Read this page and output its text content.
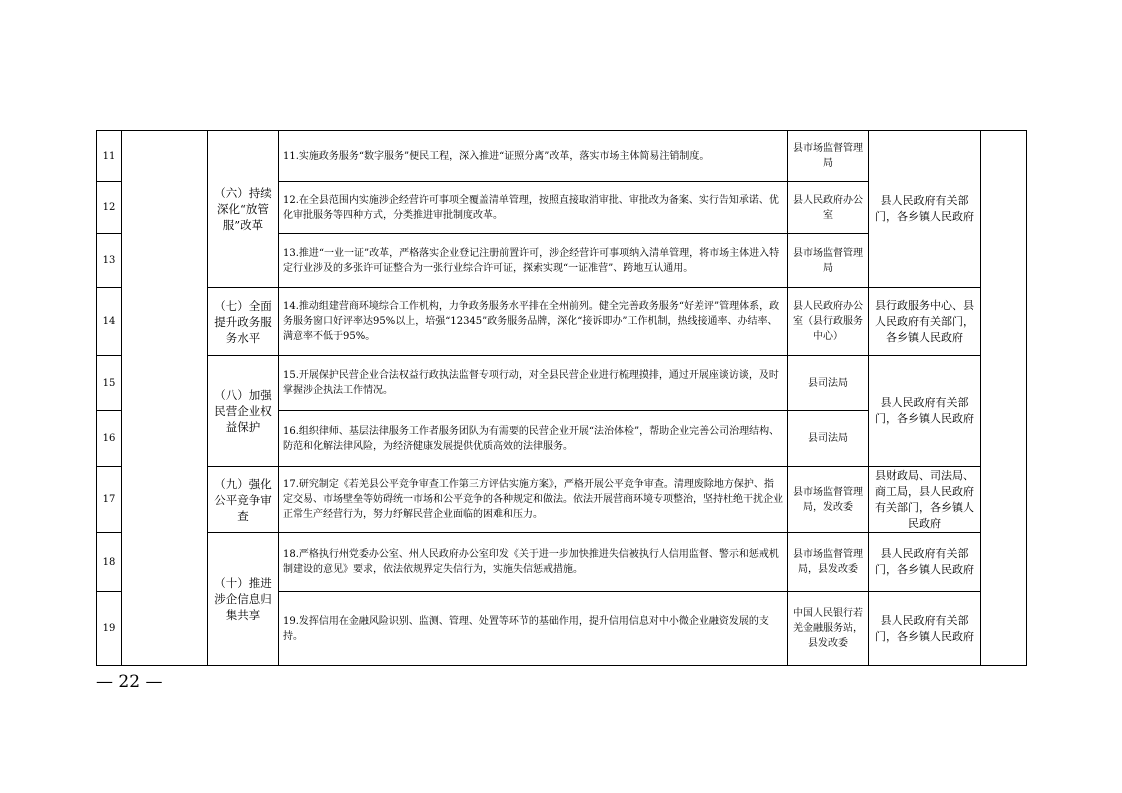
11		（六）持续深化“放管服”改革	11.实施政务服务“数字服务”便民工程，深入推进“证照分离”改革，落实市场主体简易注销制度。	县市场监督管理局	县人民政府有关部门，各乡镇人民政府	
12			12.在全县范围内实施涉企经营许可事项全覆盖清单管理，按照直接取消审批、审批改为备案、实行告知承诺、优化审批服务等四种方式，分类推进审批制度改革。	县人民政府办公室		
13			13.推进“一业一证”改革，严格落实企业登记注册前置许可，涉企经营许可事项纳入清单管理，将市场主体进入特定行业涉及的多张许可证整合为一张行业综合许可证，探索实现“一证准营”、跨地互认通用。	县市场监督管理局		
14		（七）全面提升政务服务水平	14.推动组建营商环境综合工作机构，力争政务服务水平排在全州前列。健全完善政务服务“好差评”管理体系，政务服务窗口好评率达95%以上，培强“12345”政务服务品牌，深化“接诉即办”工作机制，热线接通率、办结率、满意率不低于95%。	县人民政府办公室（县行政服务中心）	县行政服务中心、县人民政府有关部门，各乡镇人民政府	
15		（八）加强民营企业权益保护	15.开展保护民营企业合法权益行政执法监督专项行动，对全县民营企业进行梳理摸排，通过开展座谈访谈，及时掌握涉企执法工作情况。	县司法局	县人民政府有关部门，各乡镇人民政府	
16			16.组织律师、基层法律服务工作者服务团队为有需要的民营企业开展“法治体检”，帮助企业完善公司治理结构、防范和化解法律风险，为经济健康发展提供优质高效的法律服务。	县司法局		
17		（九）强化公平竞争审查	17.研究制定《若羌县公平竞争审查工作第三方评估实施方案》，严格开展公平竞争审查。清理废除地方保护、指定交易、市场壁垒等妨碍统一市场和公平竞争的各种规定和做法。依法开展营商环境专项整治，坚持杜绝干扰企业正常生产经营行为，努力纾解民营企业面临的困难和压力。	县市场监督管理局，发改委	县财政局、司法局、商工局，县人民政府有关部门，各乡镇人民政府	
18		（十）推进涉企信息归集共享	18.严格执行州党委办公室、州人民政府办公室印发《关于进一步加快推进失信被执行人信用监督、警示和惩戒机制建设的意见》要求，依法依规界定失信行为，实施失信惩戒措施。	县市场监督管理局，县发改委	县人民政府有关部门，各乡镇人民政府	
19			19.发挥信用在金融风险识别、监测、管理、处置等环节的基础作用，提升信用信息对中小微企业融资发展的支持。	中国人民银行若羌金融服务站，县发改委	县人民政府有关部门，各乡镇人民政府	
— 22 —
